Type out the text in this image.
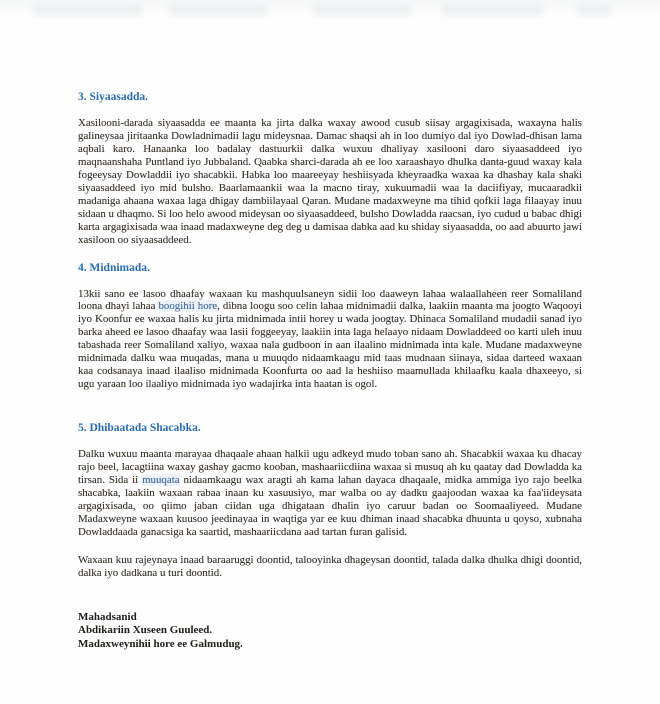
3. Siyaasadda.

Xasilooni-darada siyaasadda ee maanta ka jirta dalka waxay awood cusub siisay argagixisada, waxayna halis galineysaa jiritaanka Dowladnimadii lagu mideysnaa. Damac shaqsi ah in loo dumiyo dal iyo Dowlad-dhisan lama aqbali karo. Hanaanka loo badalay dastuurkii dalka wuxuu dhaliyay xasilooni daro siyaasaddeed iyo maqnaanshaha Puntland iyo Jubbaland. Qaabka sharci-darada ah ee loo xaraashayo dhulka danta-guud waxay kala fogeeysay Dowladdii iyo shacabkii. Habka loo maareeyay heshiisyada kheyraadka waxaa ka dhashay kala shaki siyaasaddeed iyo mid bulsho. Baarlamaankii waa la macno tiray, xukuumadii waa la daciifiyay, mucaaradkii madaniga ahaana waxaa laga dhigay dambiilayaal Qaran. Mudane madaxweyne ma tihid qofkii laga filaayay inuu sidaan u dhaqmo. Si loo helo awood mideysan oo siyaasaddeed, bulsho Dowladda raacsan, iyo cudud u babac dhigi karta argagixisada waa inaad madaxweyne deg deg u damisaa dabka aad ku shiday siyaasadda, oo aad abuurto jawi xasiloon oo siyaasaddeed.

4. Midnimada.

13kii sano ee lasoo dhaafay waxaan ku mashquulsaneyn sidii loo daaweyn lahaa walaallaheen reer Somaliland loona dhayi lahaa boogihii hore, dibna loogu soo celin lahaa midnimadii dalka, laakiin maanta ma joogto Waqooyi iyo Koonfur ee waxaa halis ku jirta midnimada intii horey u wada joogtay. Dhinaca Somaliland mudadii sanad iyo barka aheed ee lasoo dhaafay waa lasii foggeeyay, laakiin inta laga helaayo nidaam Dowladdeed oo karti uleh inuu tabashada reer Somaliland xaliyo, waxaa nala gudboon in aan ilaalino midnimada inta kale. Mudane madaxweyne midnimada dalku waa muqadas, mana u muuqdo nidaamkaagu mid taas mudnaan siinaya, sidaa darteed waxaan kaa codsanaya inaad ilaaliso midnimada Koonfurta oo aad la heshiiso maamullada khilaafku kaala dhaxeeyo, si ugu yaraan loo ilaaliyo midnimada iyo wadajirka inta haatan is ogol.

5. Dhibaatada Shacabka.

Dalku wuxuu maanta marayaa dhaqaale ahaan halkii ugu adkeyd mudo toban sano ah. Shacabkii waxaa ku dhacay rajo beel, lacagtiina waxay gashay gacmo kooban, mashaariicdiina waxaa si musuq ah ku qaatay dad Dowladda ka tirsan. Sida ii muuqata nidaamkaagu wax aragti ah kama lahan dayaca dhaqaale, midka ammiga iyo rajo beelka shacabka, laakiin waxaan rabaa inaan ku xasuusiyo, mar walba oo ay dadku gaajoodan waxaa ka faa'iideysata argagixisada, oo qiimo jaban ciidan uga dhigataan dhalin iyo caruur badan oo Soomaaliyeed. Mudane Madaxweyne waxaan kuusoo jeedinayaa in waqtiga yar ee kuu dhiman inaad shacabka dhuunta u qoyso, xubnaha Dowladdaada ganacsiga ka saartid, mashaariicdana aad tartan furan galisid.

Waxaan kuu rajeynaya inaad baraaruggi doontid, talooyinka dhageysan doontid, talada dalka dhulka dhigi doontid, dalka iyo dadkana u turi doontid.

Mahadsanid
Abdikariin Xuseen Guuleed.
Madaxweynihii hore ee Galmudug.
